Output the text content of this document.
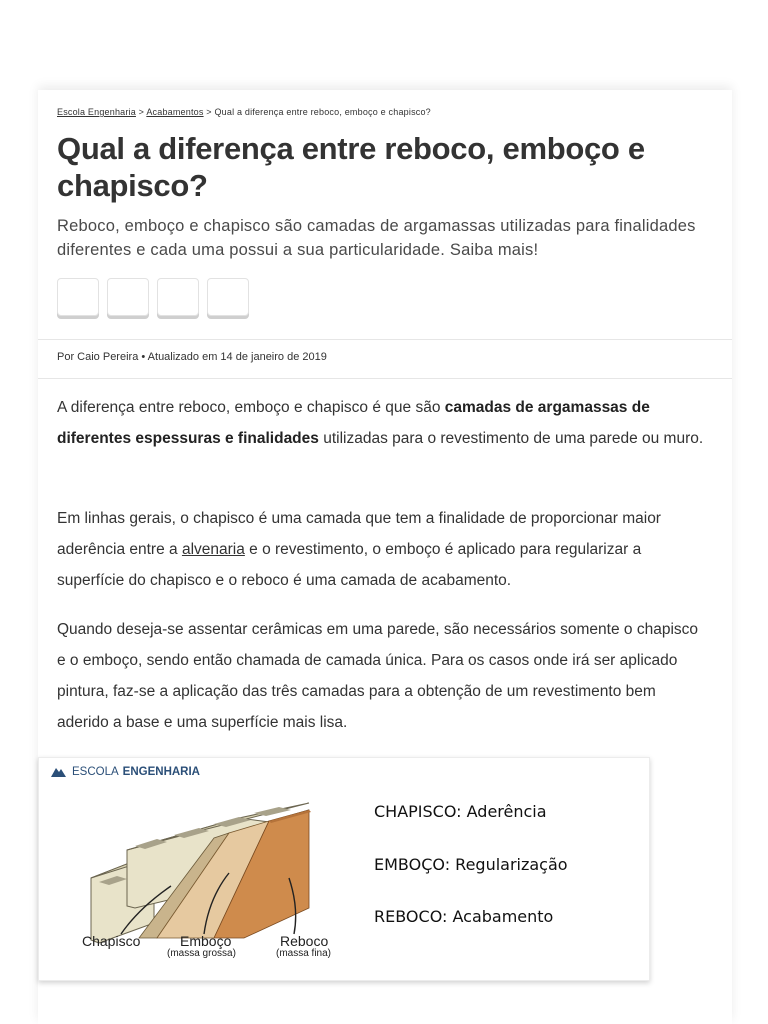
Escola Engenharia > Acabamentos > Qual a diferença entre reboco, emboço e chapisco?
Qual a diferença entre reboco, emboço e chapisco?

Reboco, emboço e chapisco são camadas de argamassas utilizadas para finalidades diferentes e cada uma possui a sua particularidade. Saiba mais!

Por Caio Pereira • Atualizado em 14 de janeiro de 2019

A diferença entre reboco, emboço e chapisco é que são camadas de argamassas de diferentes espessuras e finalidades utilizadas para o revestimento de uma parede ou muro.

Em linhas gerais, o chapisco é uma camada que tem a finalidade de proporcionar maior aderência entre a alvenaria e o revestimento, o emboço é aplicado para regularizar a superfície do chapisco e o reboco é uma camada de acabamento.

Quando deseja-se assentar cerâmicas em uma parede, são necessários somente o chapisco e o emboço, sendo então chamada de camada única. Para os casos onde irá ser aplicado pintura, faz-se a aplicação das três camadas para a obtenção de um revestimento bem aderido a base e uma superfície mais lisa.

ESCOLA ENGENHARIA
CHAPISCO: Aderência
EMBOÇO: Regularização
REBOCO: Acabamento
Chapisco	Emboço
(massa grossa)
Reboco
(massa fina)
